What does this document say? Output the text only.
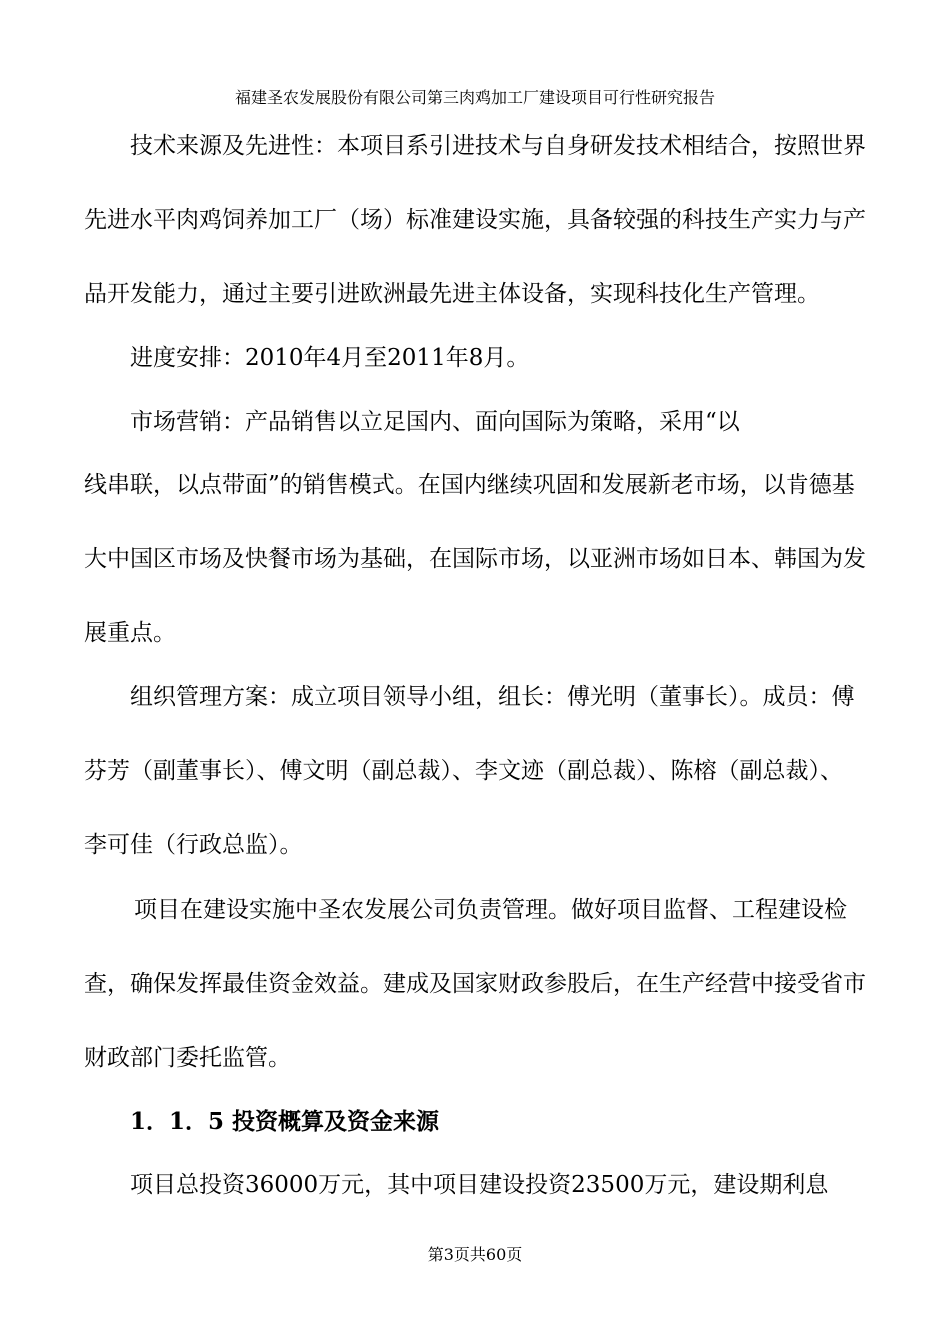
福建圣农发展股份有限公司第三肉鸡加工厂建设项目可行性研究报告
技术来源及先进性：本项目系引进技术与自身研发技术相结合，按照世界
先进水平肉鸡饲养加工厂（场）标准建设实施，具备较强的科技生产实力与产
品开发能力，通过主要引进欧洲最先进主体设备，实现科技化生产管理。
进度安排：2010年4月至2011年8月。
市场营销：产品销售以立足国内、面向国际为策略，采用“以
线串联，以点带面”的销售模式。在国内继续巩固和发展新老市场，以肯德基
大中国区市场及快餐市场为基础，在国际市场，以亚洲市场如日本、韩国为发
展重点。
组织管理方案：成立项目领导小组，组长：傅光明（董事长）。成员：傅
芬芳（副董事长）、傅文明（副总裁）、李文迹（副总裁）、陈榕（副总裁）、
李可佳（行政总监）。
项目在建设实施中圣农发展公司负责管理。做好项目监督、工程建设检
查，确保发挥最佳资金效益。建成及国家财政参股后，在生产经营中接受省市
财政部门委托监管。
1．1．5 投资概算及资金来源
项目总投资36000万元，其中项目建设投资23500万元，建设期利息
第3页共60页
